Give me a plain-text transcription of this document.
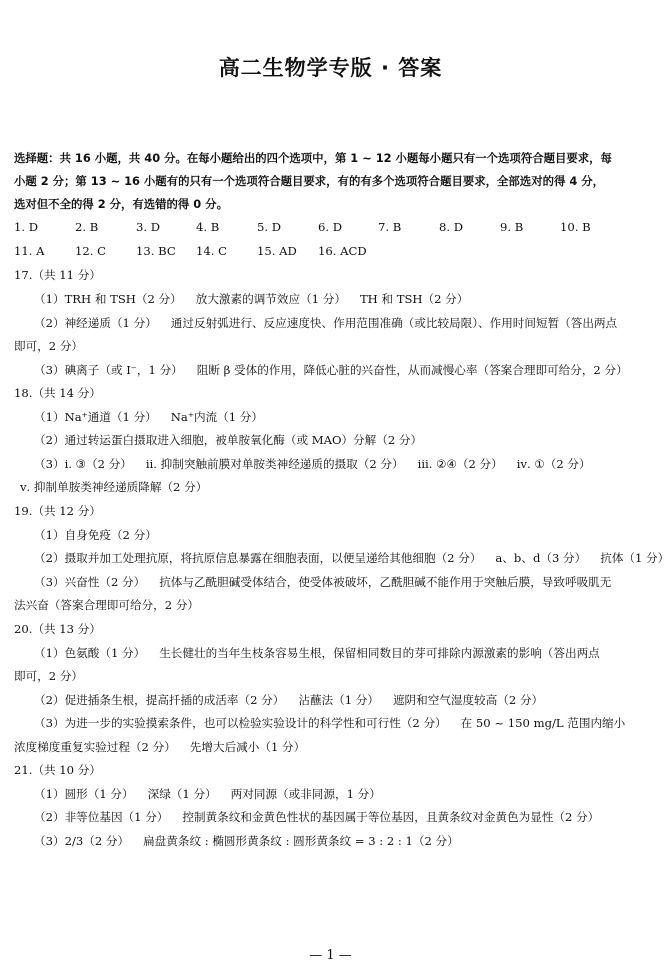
高二生物学专版 · 答案
选择题：共 16 小题，共 40 分。在每小题给出的四个选项中，第 1 ~ 12 小题每小题只有一个选项符合题目要求，每
小题 2 分；第 13 ~ 16 小题有的只有一个选项符合题目要求，有的有多个选项符合题目要求，全部选对的得 4 分，
选对但不全的得 2 分，有选错的得 0 分。
1. D	2. B	3. D	4. B	5. D	6. D	7. B	8. D	9. B	10. B
11. A	12. C	13. BC 14. C	15. AD 16. ACD
17.（共 11 分）
（1）TRH 和 TSH（2 分） 放大激素的调节效应（1 分） TH 和 TSH（2 分）
（2）神经递质（1 分） 通过反射弧进行、反应速度快、作用范围准确（或比较局限）、作用时间短暂（答出两点
即可，2 分）
（3）碘离子（或 I⁻，1 分） 阻断 β 受体的作用，降低心脏的兴奋性，从而减慢心率（答案合理即可给分，2 分）
18.（共 14 分）
（1）Na⁺通道（1 分） Na⁺内流（1 分）
（2）通过转运蛋白摄取进入细胞，被单胺氧化酶（或 MAO）分解（2 分）
（3）ⅰ. ③（2 分） ⅱ. 抑制突触前膜对单胺类神经递质的摄取（2 分） ⅲ. ②④（2 分） ⅳ. ①（2 分）
ⅴ. 抑制单胺类神经递质降解（2 分）
19.（共 12 分）
（1）自身免疫（2 分）
（2）摄取并加工处理抗原，将抗原信息暴露在细胞表面，以便呈递给其他细胞（2 分） a、b、d（3 分） 抗体（1 分）
（3）兴奋性（2 分） 抗体与乙酰胆碱受体结合，使受体被破坏，乙酰胆碱不能作用于突触后膜，导致呼吸肌无
法兴奋（答案合理即可给分，2 分）
20.（共 13 分）
（1）色氨酸（1 分） 生长健壮的当年生枝条容易生根，保留相同数目的芽可排除内源激素的影响（答出两点
即可，2 分）
（2）促进插条生根，提高扦插的成活率（2 分） 沾蘸法（1 分） 遮阴和空气湿度较高（2 分）
（3）为进一步的实验摸索条件，也可以检验实验设计的科学性和可行性（2 分） 在 50 ~ 150 mg/L 范围内缩小
浓度梯度重复实验过程（2 分） 先增大后减小（1 分）
21.（共 10 分）
（1）圆形（1 分） 深绿（1 分） 两对同源（或非同源，1 分）
（2）非等位基因（1 分） 控制黄条纹和金黄色性状的基因属于等位基因，且黄条纹对金黄色为显性（2 分）
（3）2/3（2 分） 扁盘黄条纹 : 椭圆形黄条纹 : 圆形黄条纹 = 3 : 2 : 1（2 分）
— 1 —
